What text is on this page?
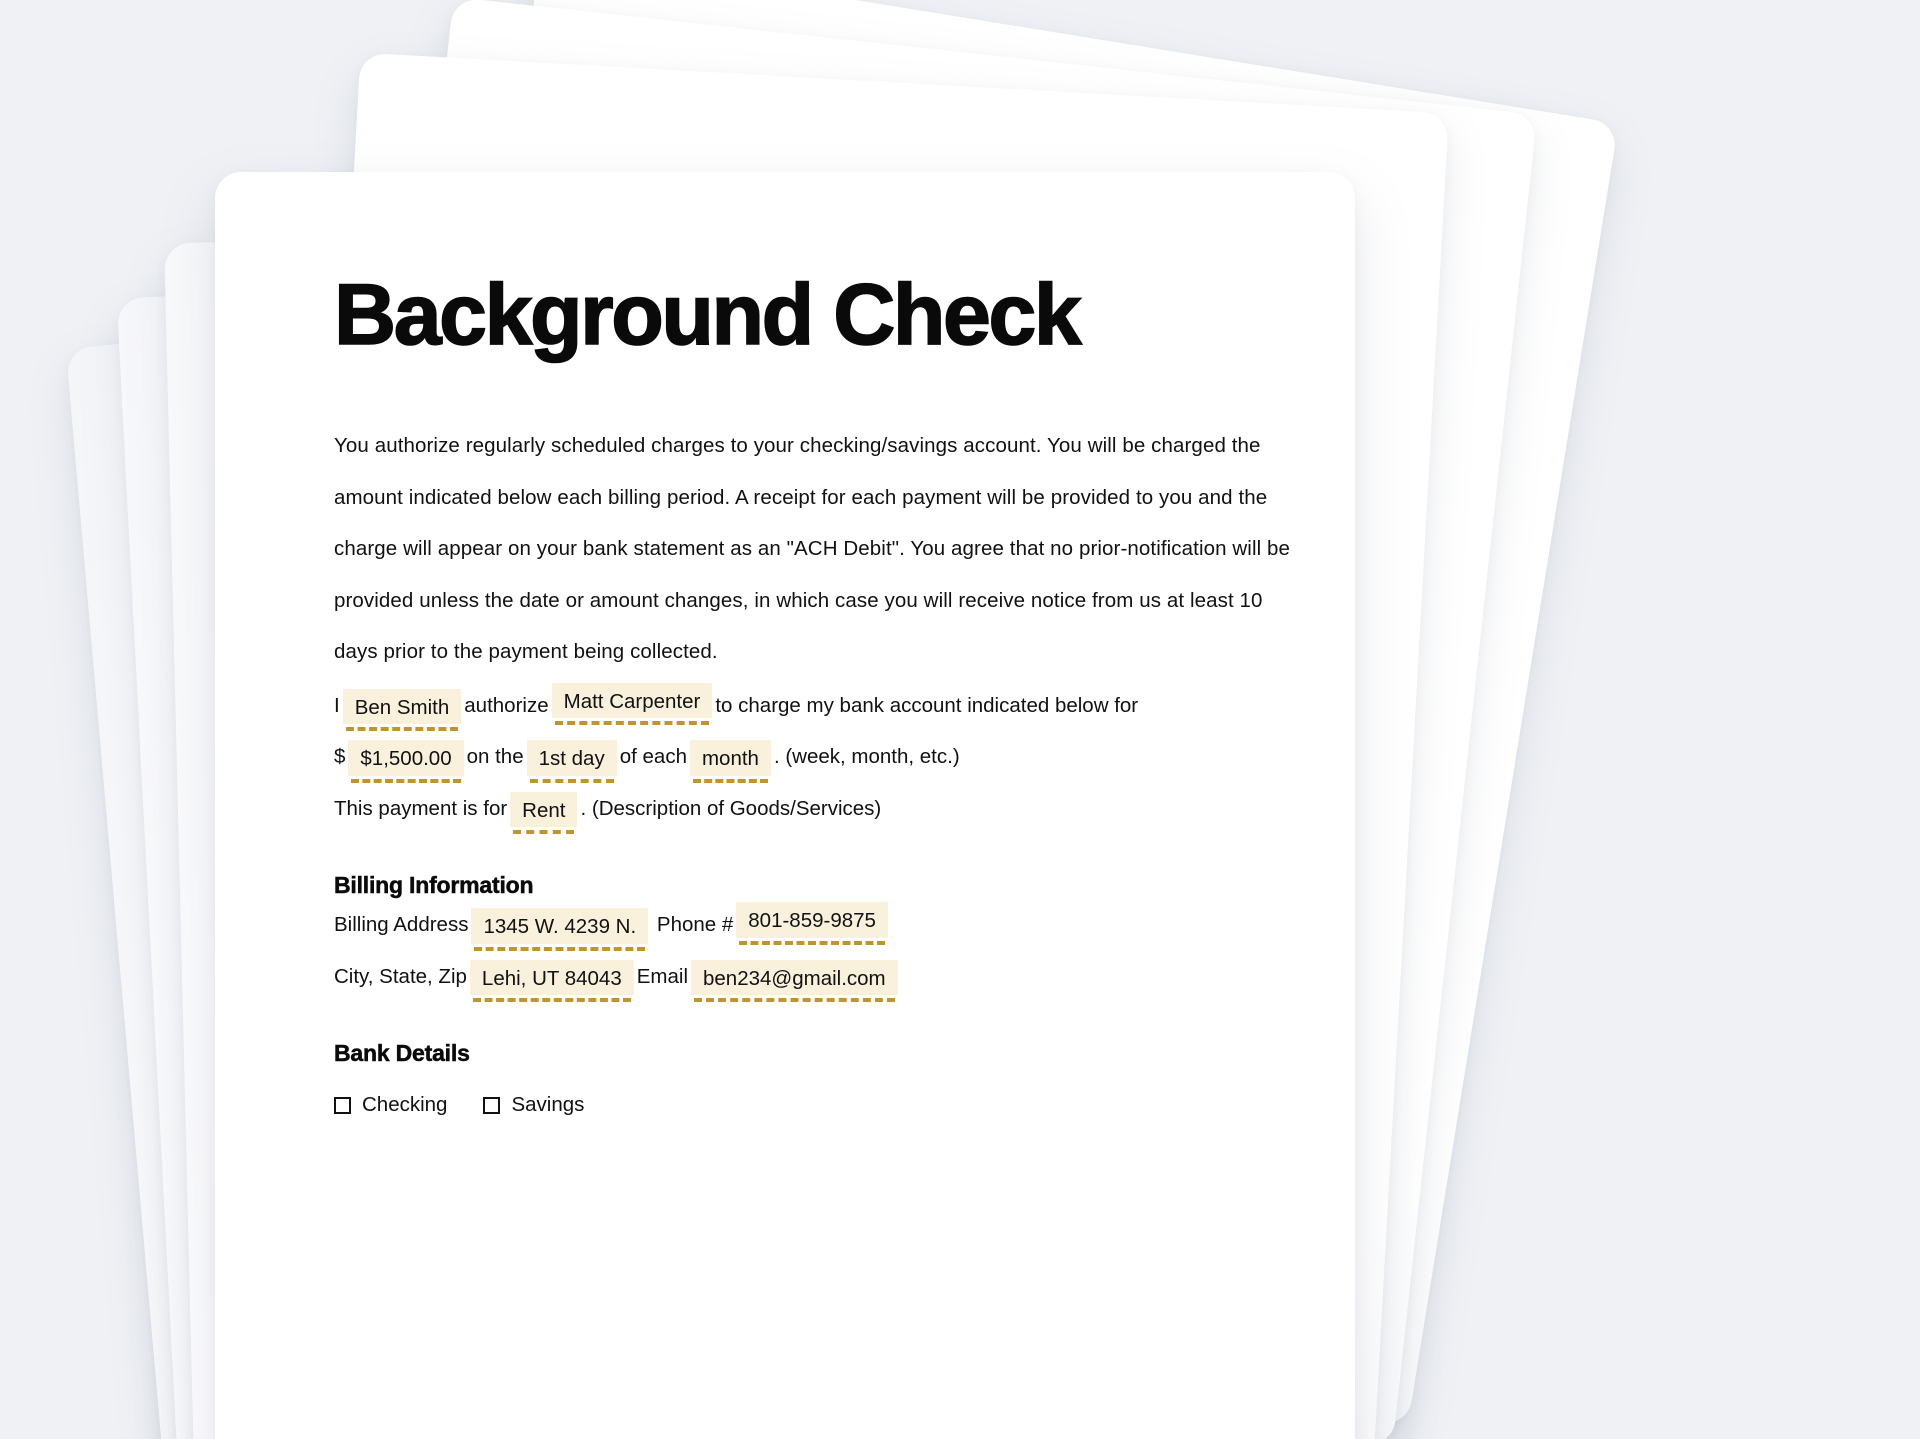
Background Check

You authorize regularly scheduled charges to your checking/savings account. You will be charged the amount indicated below each billing period. A receipt for each payment will be provided to you and the charge will appear on your bank statement as an "ACH Debit". You agree that no prior-notification will be provided unless the date or amount changes, in which case you will receive notice from us at least 10 days prior to the payment being collected.

I Ben Smith authorize Matt Carpenter to charge my bank account indicated below for

$ $1,500.00 on the 1st day of each month . (week, month, etc.)

This payment is for Rent . (Description of Goods/Services)

Billing Information

Billing Address 1345 W. 4239 N. Phone # 801-859-9875

City, State, Zip Lehi, UT 84043 Email ben234@gmail.com

Bank Details
Checking	Savings
